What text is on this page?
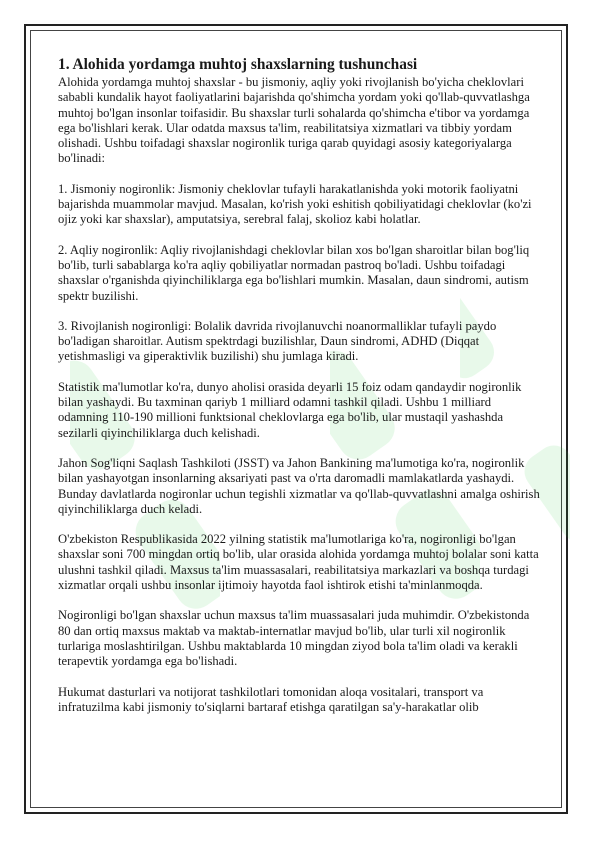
1. Alohida yordamga muhtoj shaxslarning tushunchasi

Alohida yordamga muhtoj shaxslar - bu jismoniy, aqliy yoki rivojlanish bo'yicha cheklovlari sababli kundalik hayot faoliyatlarini bajarishda qo'shimcha yordam yoki qo'llab-quvvatlashga muhtoj bo'lgan insonlar toifasidir. Bu shaxslar turli sohalarda qo'shimcha e'tibor va yordamga ega bo'lishlari kerak. Ular odatda maxsus ta'lim, reabilitatsiya xizmatlari va tibbiy yordam olishadi. Ushbu toifadagi shaxslar nogironlik turiga qarab quyidagi asosiy kategoriyalarga bo'linadi:

1. Jismoniy nogironlik: Jismoniy cheklovlar tufayli harakatlanishda yoki motorik faoliyatni bajarishda muammolar mavjud. Masalan, ko'rish yoki eshitish qobiliyatidagi cheklovlar (ko'zi ojiz yoki kar shaxslar), amputatsiya, serebral falaj, skolioz kabi holatlar.

2. Aqliy nogironlik: Aqliy rivojlanishdagi cheklovlar bilan xos bo'lgan sharoitlar bilan bog'liq bo'lib, turli sabablarga ko'ra aqliy qobiliyatlar normadan pastroq bo'ladi. Ushbu toifadagi shaxslar o'rganishda qiyinchiliklarga ega bo'lishlari mumkin. Masalan, daun sindromi, autism spektr buzilishi.

3. Rivojlanish nogironligi: Bolalik davrida rivojlanuvchi noanormalliklar tufayli paydo bo'ladigan sharoitlar. Autism spektrdagi buzilishlar, Daun sindromi, ADHD (Diqqat yetishmasligi va giperaktivlik buzilishi) shu jumlaga kiradi.

Statistik ma'lumotlar ko'ra, dunyo aholisi orasida deyarli 15 foiz odam qandaydir nogironlik bilan yashaydi. Bu taxminan qariyb 1 milliard odamni tashkil qiladi. Ushbu 1 milliard odamning 110-190 millioni funktsional cheklovlarga ega bo'lib, ular mustaqil yashashda sezilarli qiyinchiliklarga duch kelishadi.

Jahon Sog'liqni Saqlash Tashkiloti (JSST) va Jahon Bankining ma'lumotiga ko'ra, nogironlik bilan yashayotgan insonlarning aksariyati past va o'rta daromadli mamlakatlarda yashaydi. Bunday davlatlarda nogironlar uchun tegishli xizmatlar va qo'llab-quvvatlashni amalga oshirish qiyinchiliklarga duch keladi.

O'zbekiston Respublikasida 2022 yilning statistik ma'lumotlariga ko'ra, nogironligi bo'lgan shaxslar soni 700 mingdan ortiq bo'lib, ular orasida alohida yordamga muhtoj bolalar soni katta ulushni tashkil qiladi. Maxsus ta'lim muassasalari, reabilitatsiya markazlari va boshqa turdagi xizmatlar orqali ushbu insonlar ijtimoiy hayotda faol ishtirok etishi ta'minlanmoqda.

Nogironligi bo'lgan shaxslar uchun maxsus ta'lim muassasalari juda muhimdir. O'zbekistonda 80 dan ortiq maxsus maktab va maktab-internatlar mavjud bo'lib, ular turli xil nogironlik turlariga moslashtirilgan. Ushbu maktablarda 10 mingdan ziyod bola ta'lim oladi va kerakli terapevtik yordamga ega bo'lishadi.

Hukumat dasturlari va notijorat tashkilotlari tomonidan aloqa vositalari, transport va infratuzilma kabi jismoniy to'siqlarni bartaraf etishga qaratilgan sa'y-harakatlar olib
